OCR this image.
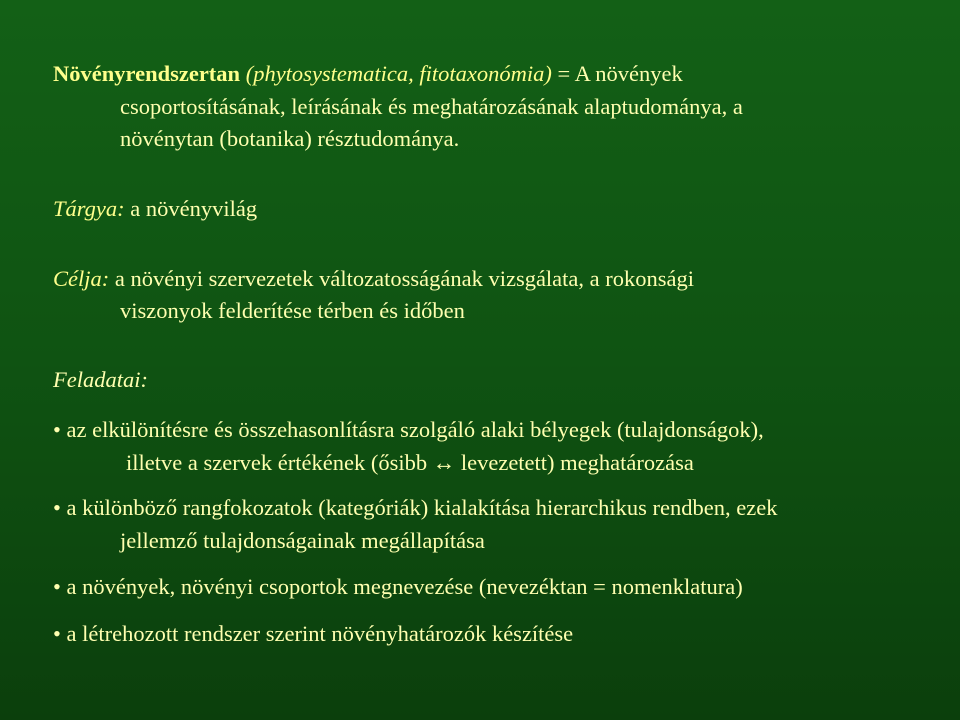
Növényrendszertan (phytosystematica, fitotaxonómia) = A növények
csoportosításának, leírásának és meghatározásának alaptudománya, a
növénytan (botanika) résztudománya.
Tárgya: a növényvilág
Célja: a növényi szervezetek változatosságának vizsgálata, a rokonsági
viszonyok felderítése térben és időben
Feladatai:
• az elkülönítésre és összehasonlításra szolgáló alaki bélyegek (tulajdonságok),
illetve a szervek értékének (ősibb ↔ levezetett) meghatározása
• a különböző rangfokozatok (kategóriák) kialakítása hierarchikus rendben, ezek
jellemző tulajdonságainak megállapítása
• a növények, növényi csoportok megnevezése (nevezéktan = nomenklatura)
• a létrehozott rendszer szerint növényhatározók készítése
